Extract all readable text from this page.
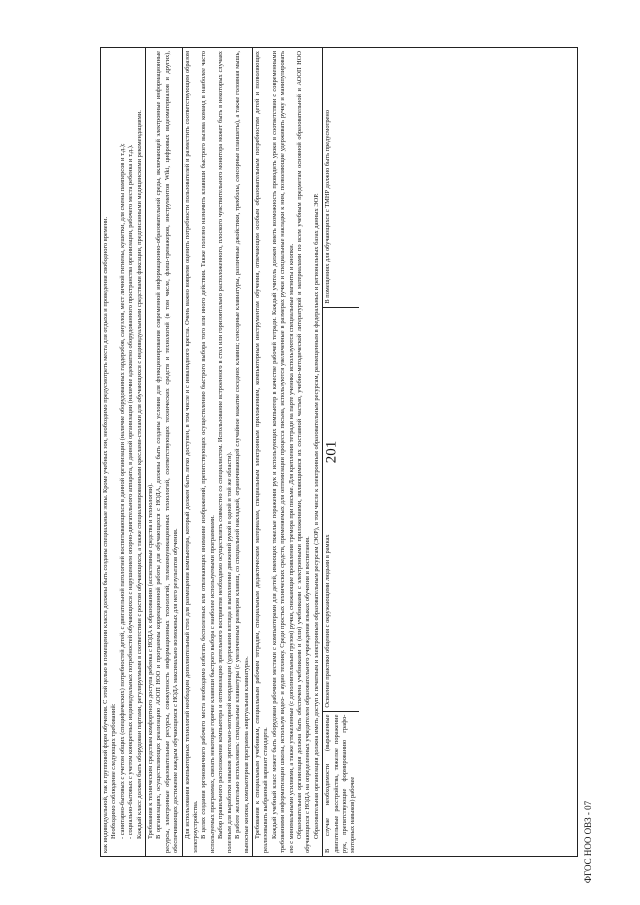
201

как индивидуальной, так и групповой форм обучения. С этой целью в помещении класса должны быть созданы специальные зоны. Кроме учебных зон, необходимо предусмотреть места для отдыха и проведения свободного времени. Необходимо соблюдение следующих требований: - санитарно-бытовых с учетом общих (специфических) потребностей детей, с двигательной патологией воспитывающихся в данной организации (наличие оборудованных гардеробов, санузлов, мест личной гигиены, кушетки, для смены памперсов и т.д.); - социально-бытовых с учетом конкретных индивидуальных потребностей обучающихся с нарушением опорно-двигательного аппарата, в данной организации (наличие адекватно оборудованного пространства организации, рабочего места ребенка и т.д.). Каждый класс должен быть оборудован партами, регулируемыми в соответствии с ростом обучающихся, а также специализированными креслами-столами для обучающихся с индивидуальными средствами фиксации, предписанными медицинскими рекомендациями. Требования к техническим средствам комфортного доступа ребенка с НОДА к образованию (ассистивные средства и технологии). В организациях, осуществляющих реализацию АООП НОО и программы коррекционной работы для обучающихся с НОДА, должны быть созданы условия для функционирования современной информационно-образовательной среды, включающей электронные информационные ресурсы, электронные образовательные ресурсы, совокупность информационных технологий, телекоммуникационных технологий, соответствующих технических средств и технологий (в том числе, флеш-тренажеров, инструментов Wiki, цифровых видеоматериалов и других), обеспечивающих достижение каждым обучающимся с НОДА максимально возможных для него результатов обучения. Для использования компьютерных технологий необходим дополнительный стол для размещения компьютера, который должен быть легко доступен, в том числе и с инвалидного кресла. Очень важно вовремя оценить потребности пользователей и разместить соответствующим образом электроустройства. В целях создания эргономичного рабочего места необходимо избегать бесполезных или отвлекающих внимание изображений, препятствующих осуществлению быстрого выбора того или иного действия. Также полезно назначить клавиши быстрого вызова команд в наиболее часто используемых программах, связать некоторые горячие клавиши быстрого выбора с наиболее используемыми программами. Выбор правильного расположения компьютера и оптимизацию зрительного восприятия необходимо осуществлять совместно со специалистом. Использование встроенного в стол или горизонтально расположенного, плоского чувствительного монитора может быть в некоторых случаях полезным для выработки навыков зрительно-моторной координации (удержания взгляда и выполнение движений рукой в одной и той же области). В работе желательно использовать: специальные клавиатуры (с увеличенным размером клавиш, со специальной накладкой, ограничивающей случайное нажатие соседних клавиш; сенсорные клавиатуры, различные джойстики, трекболы, сенсорные планшеты), а также головная мышь, выносные кнопки, компьютерная программа «виртуальная клавиатура». Требования к специальным учебникам, специальным рабочим тетрадям, специальным дидактическим материалам, специальным электронным приложениям, компьютерным инструментам обучения, отвечающим особым образовательным потребностям детей и позволяющих реализовывать выбранный вариант стандарта. Каждый учебный класс может быть оборудован рабочими местами с компьютерами для детей, имеющих тяжелые поражения рук и использующих компьютер в качестве рабочей тетради. Каждый учитель должен иметь возможность проводить уроки в соответствии с современными требованиями информатизации школы, используя видео- и аудио технику. Среди простых технических средств, применяемых для оптимизации процесса письма, используются увеличенные в размерах ручки и специальные накладки к ним, позволяющие удерживать ручку и манипулировать ею с минимальными усилиями, а также утяжеленные (с дополнительным грузом) ручки, снижающие проявления тремора при письме. Для крепления тетради на парте ученика используются специальные магниты и кнопки. Образовательная организация должна быть обеспечена учебниками и (или) учебниками с электронными приложениями, являющимися их составной частью, учебно-методической литературой и материалами по всем учебным предметам основной образовательной и АООП НОО обучающихся с НОДА на определенных учредителем образовательного учреждения языках обучения и воспитания. Образовательная организация должна иметь доступ к печатным и электронным образовательным ресурсам (ЭОР), в том числе к электронным образовательным ресурсам, размещенным в федеральных и региональных базах данных ЭОР. В случае необходимости (выраженные двигательные расстройства, тяжелое поражение рук, препятствующие формированию графо-моторных навыков) рабочее
Освоение практики общения с окружающими людьми в рамках
В помещениях для обучающихся с ТМНР должно быть предусмотрено
ФГОС НОО ОВЗ - 07
